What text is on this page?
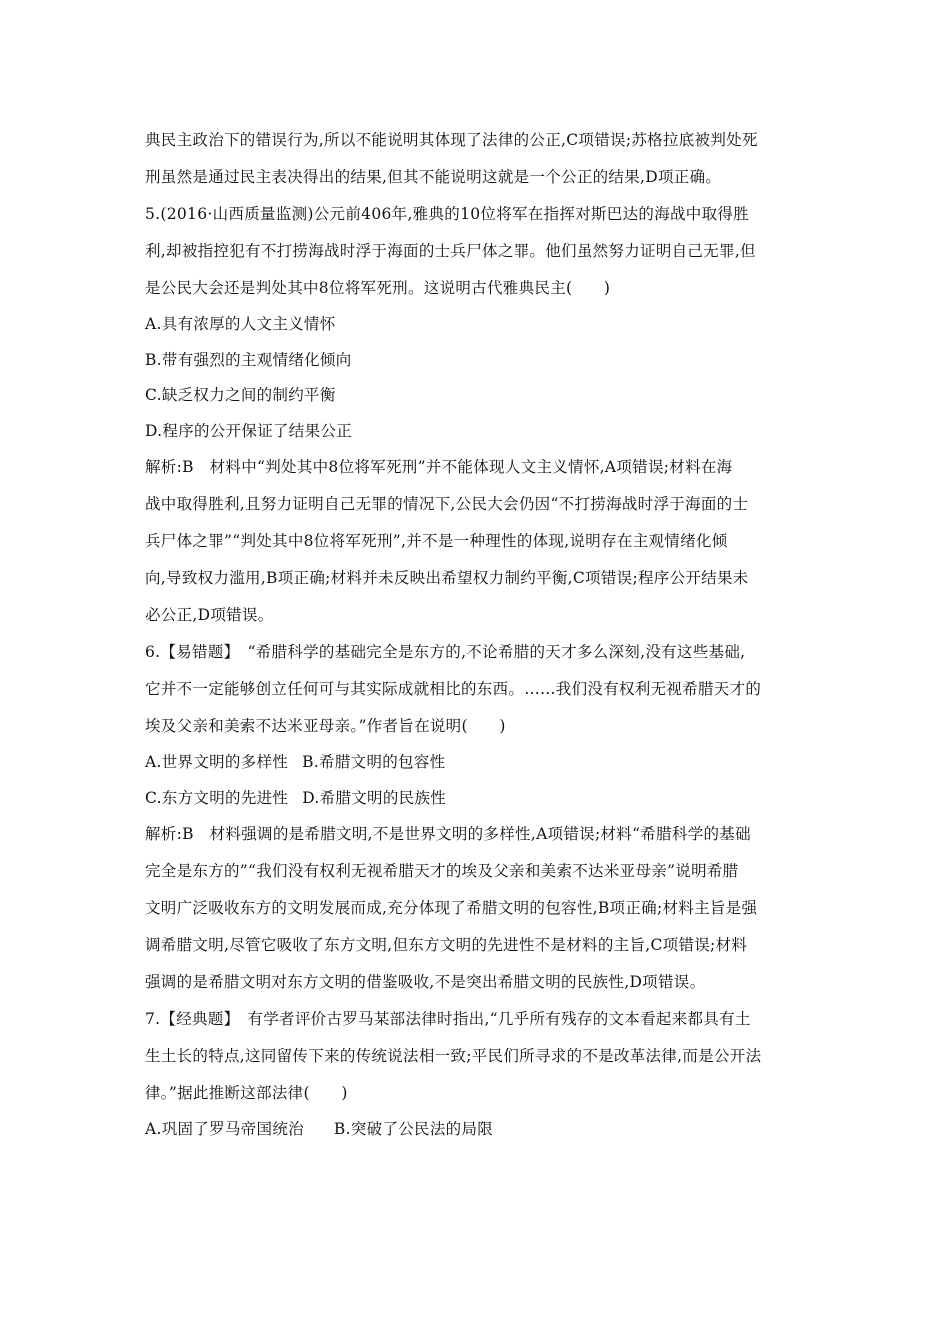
典民主政治下的错误行为,所以不能说明其体现了法律的公正,C项错误;苏格拉底被判处死
刑虽然是通过民主表决得出的结果,但其不能说明这就是一个公正的结果,D项正确。
5.(2016·山西质量监测)公元前406年,雅典的10位将军在指挥对斯巴达的海战中取得胜
利,却被指控犯有不打捞海战时浮于海面的士兵尸体之罪。他们虽然努力证明自己无罪,但
是公民大会还是判处其中8位将军死刑。这说明古代雅典民主(　　)
A.具有浓厚的人文主义情怀
B.带有强烈的主观情绪化倾向
C.缺乏权力之间的制约平衡
D.程序的公开保证了结果公正
解析:B　材料中“判处其中8位将军死刑”并不能体现人文主义情怀,A项错误;材料在海
战中取得胜利,且努力证明自己无罪的情况下,公民大会仍因“不打捞海战时浮于海面的士
兵尸体之罪”“判处其中8位将军死刑”,并不是一种理性的体现,说明存在主观情绪化倾
向,导致权力滥用,B项正确;材料并未反映出希望权力制约平衡,C项错误;程序公开结果未
必公正,D项错误。
6.【易错题】　“希腊科学的基础完全是东方的,不论希腊的天才多么深刻,没有这些基础,
它并不一定能够创立任何可与其实际成就相比的东西。……我们没有权利无视希腊天才的
埃及父亲和美索不达米亚母亲。”作者旨在说明(　　)
A.世界文明的多样性 B.希腊文明的包容性
C.东方文明的先进性 D.希腊文明的民族性
解析:B　材料强调的是希腊文明,不是世界文明的多样性,A项错误;材料“希腊科学的基础
完全是东方的”“我们没有权利无视希腊天才的埃及父亲和美索不达米亚母亲”说明希腊
文明广泛吸收东方的文明发展而成,充分体现了希腊文明的包容性,B项正确;材料主旨是强
调希腊文明,尽管它吸收了东方文明,但东方文明的先进性不是材料的主旨,C项错误;材料
强调的是希腊文明对东方文明的借鉴吸收,不是突出希腊文明的民族性,D项错误。
7.【经典题】　有学者评价古罗马某部法律时指出,“几乎所有残存的文本看起来都具有土
生土长的特点,这同留传下来的传统说法相一致;平民们所寻求的不是改革法律,而是公开法
律。”据此推断这部法律(　　)
A.巩固了罗马帝国统治 B.突破了公民法的局限
